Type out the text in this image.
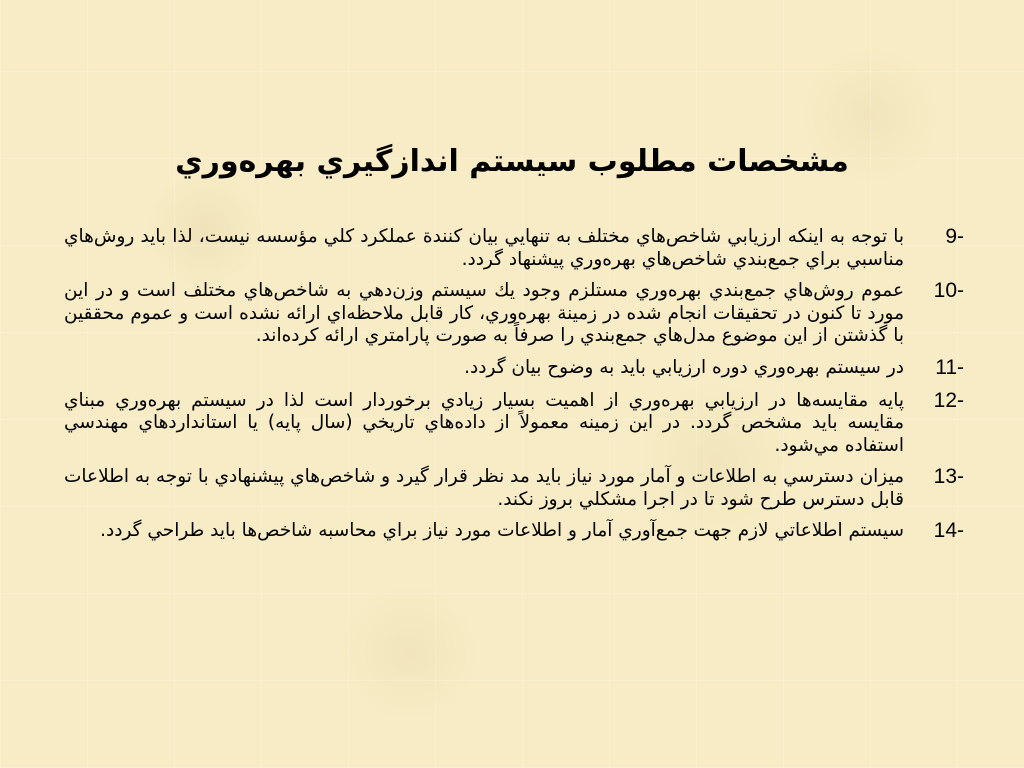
مشخصات مطلوب سيستم اندازگيري بهره‌وري
9-
با توجه به اينكه ارزيابي شاخص‌هاي مختلف به تنهايي بيان كنندة عملكرد كلي مؤسسه نيست، لذا بايد روش‌هاي مناسبي براي جمع‌بندي شاخص‌هاي بهره‌وري پيشنهاد گردد.
10-
عموم روش‌هاي جمع‌بندي بهره‌وري مستلزم وجود يك سيستم وزن‌دهي به شاخص‌هاي مختلف است و در اين مورد تا كنون در تحقيقات انجام شده در زمينة بهره‌وري، كار قابل ملاحظه‌اي ارائه نشده است و عموم محققين با گذشتن از اين موضوع مدل‌هاي جمع‌بندي را صرفاً به صورت پارامتري ارائه كرده‌اند.
11-
در سيستم بهره‌وري دوره ارزيابي بايد به وضوح بيان گردد.
12-
پايه مقايسه‌ها در ارزيابي بهره‌وري از اهميت بسيار زيادي برخوردار است لذا در سيستم بهره‌وري مبناي مقايسه بايد مشخص گردد. در اين زمينه معمولاً از داده‌هاي تاريخي (سال پايه) يا استانداردهاي مهندسي استفاده مي‌شود.
13-
ميزان دسترسي به اطلاعات و آمار مورد نياز بايد مد نظر قرار گيرد و شاخص‌هاي پيشنهادي با توجه به اطلاعات قابل دسترس طرح شود تا در اجرا مشكلي بروز نكند.
14-
سيستم اطلاعاتي لازم جهت جمع‌آوري آمار و اطلاعات مورد نياز براي محاسبه شاخص‌ها بايد طراحي گردد.
